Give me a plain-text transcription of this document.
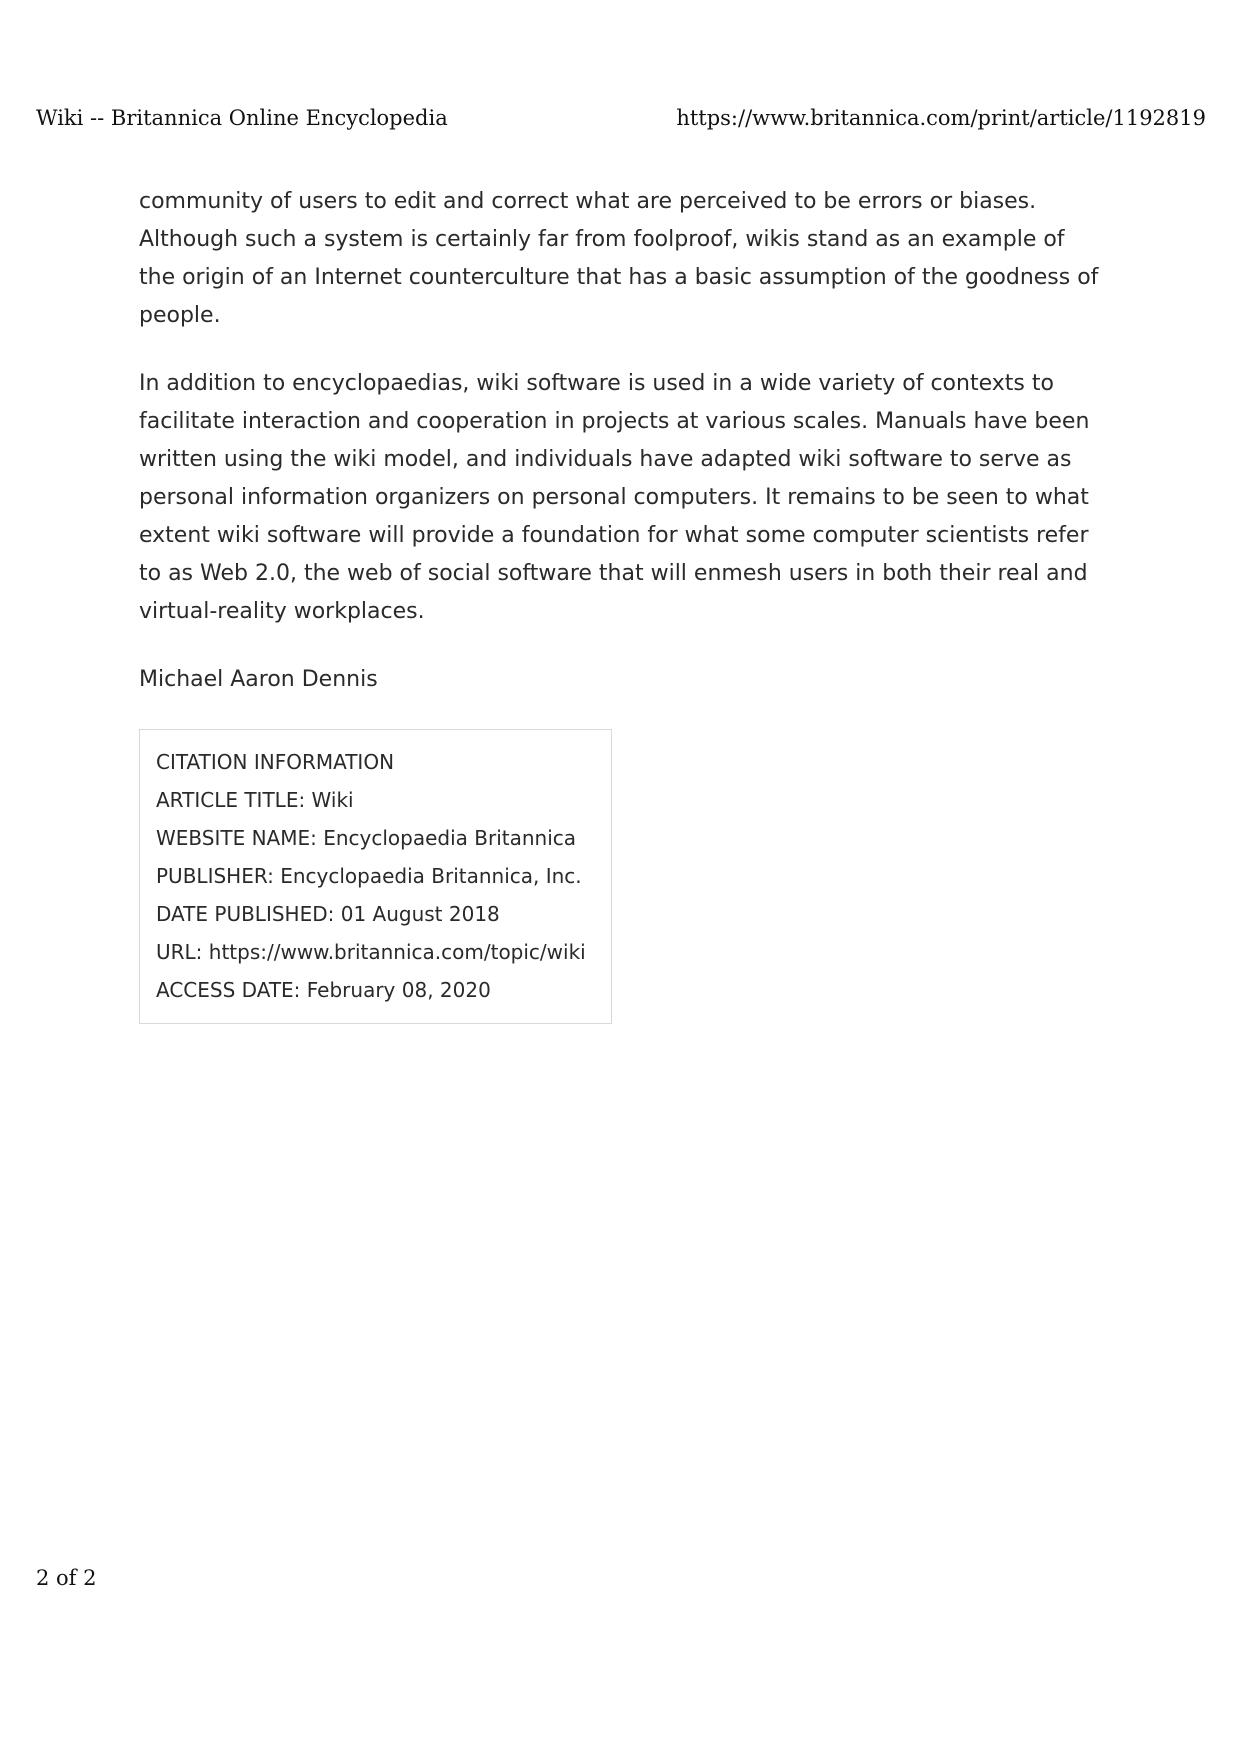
Wiki -- Britannica Online Encyclopedia	https://www.britannica.com/print/article/1192819

community of users to edit and correct what are perceived to be errors or biases. Although such a system is certainly far from foolproof, wikis stand as an example of the origin of an Internet counterculture that has a basic assumption of the goodness of people.

In addition to encyclopaedias, wiki software is used in a wide variety of contexts to facilitate interaction and cooperation in projects at various scales. Manuals have been written using the wiki model, and individuals have adapted wiki software to serve as personal information organizers on personal computers. It remains to be seen to what extent wiki software will provide a foundation for what some computer scientists refer to as Web 2.0, the web of social software that will enmesh users in both their real and virtual-reality workplaces.

Michael Aaron Dennis

CITATION INFORMATION
ARTICLE TITLE: Wiki
WEBSITE NAME: Encyclopaedia Britannica
PUBLISHER: Encyclopaedia Britannica, Inc.
DATE PUBLISHED: 01 August 2018
URL: https://www.britannica.com/topic/wiki
ACCESS DATE: February 08, 2020
2 of 2
